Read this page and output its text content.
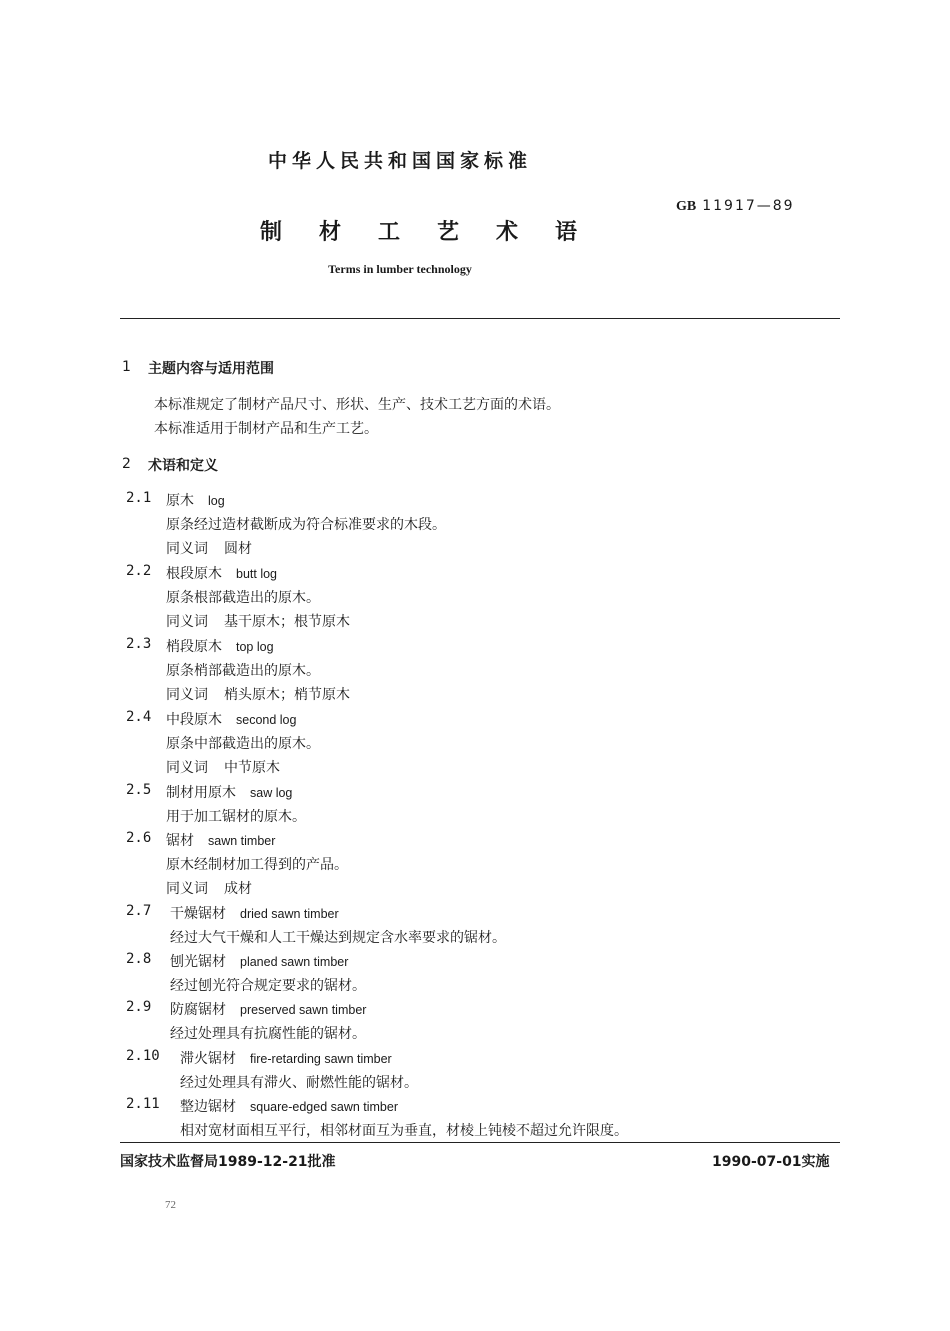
中华人民共和国国家标准
GB 11917—89
制材工艺术语
Terms in lumber technology
1 主题内容与适用范围
本标准规定了制材产品尺寸、形状、生产、技术工艺方面的术语。
本标准适用于制材产品和生产工艺。
2 术语和定义
2.1 原木 log
原条经过造材截断成为符合标准要求的木段。
同义词 圆材
2.2 根段原木 butt log
原条根部截造出的原木。
同义词 基干原木；根节原木
2.3 梢段原木 top log
原条梢部截造出的原木。
同义词 梢头原木；梢节原木
2.4 中段原木 second log
原条中部截造出的原木。
同义词 中节原木
2.5 制材用原木 saw log
用于加工锯材的原木。
2.6 锯材 sawn timber
原木经制材加工得到的产品。
同义词 成材
2.7 干燥锯材 dried sawn timber
经过大气干燥和人工干燥达到规定含水率要求的锯材。
2.8 刨光锯材 planed sawn timber
经过刨光符合规定要求的锯材。
2.9 防腐锯材 preserved sawn timber
经过处理具有抗腐性能的锯材。
2.10 滞火锯材 fire-retarding sawn timber
经过处理具有滞火、耐燃性能的锯材。
2.11 整边锯材 square-edged sawn timber
相对宽材面相互平行，相邻材面互为垂直，材棱上钝棱不超过允许限度。
国家技术监督局1989-12-21批准	1990-07-01实施
72
